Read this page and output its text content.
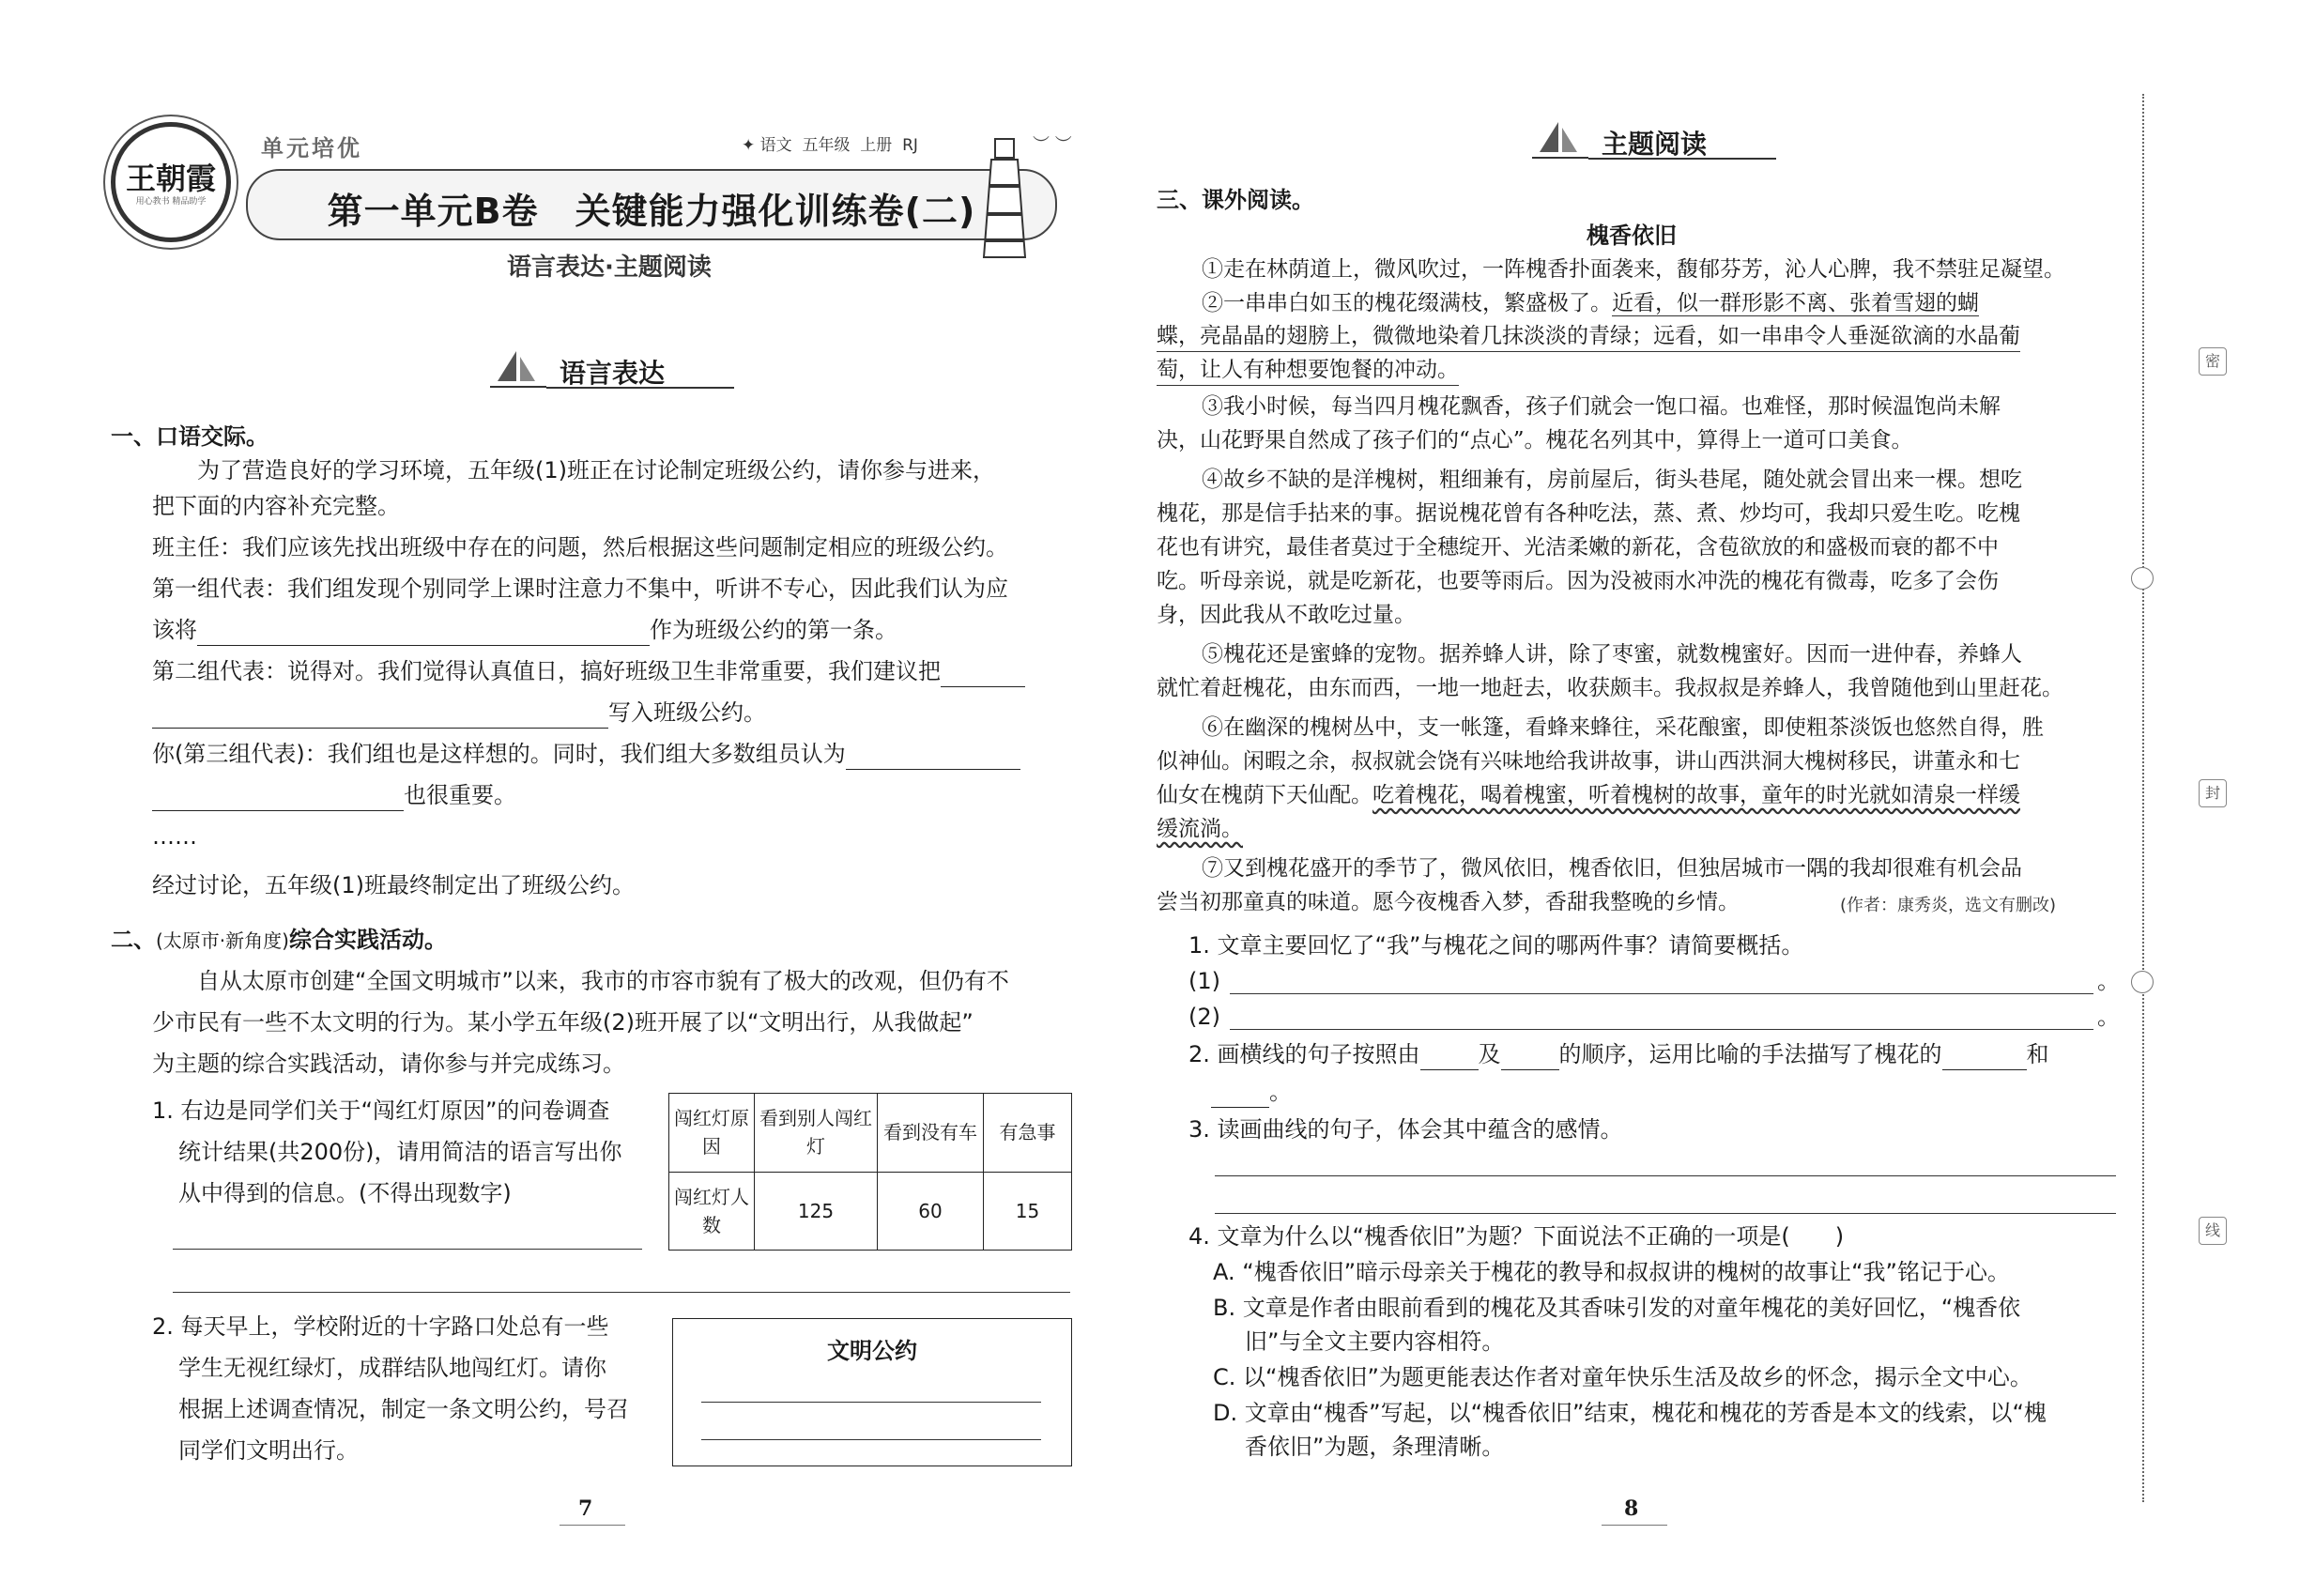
王朝霞
用心教书 精品助学
单元培优	✦ 语文 五年级 上册 RJ
第一单元B卷　关键能力强化训练卷(二)
语言表达·主题阅读
︶ ︶
语言表达
一、口语交际。
为了营造良好的学习环境，五年级(1)班正在讨论制定班级公约，请你参与进来，
把下面的内容补充完整。
班主任：我们应该先找出班级中存在的问题，然后根据这些问题制定相应的班级公约。
第一组代表：我们组发现个别同学上课时注意力不集中，听讲不专心，因此我们认为应
该将	作为班级公约的第一条。
第二组代表：说得对。我们觉得认真值日，搞好班级卫生非常重要，我们建议把
写入班级公约。
你(第三组代表)：我们组也是这样想的。同时，我们组大多数组员认为
也很重要。
……
经过讨论，五年级(1)班最终制定出了班级公约。
二、(太原市·新角度)综合实践活动。
自从太原市创建“全国文明城市”以来，我市的市容市貌有了极大的改观，但仍有不
少市民有一些不太文明的行为。某小学五年级(2)班开展了以“文明出行，从我做起”
为主题的综合实践活动，请你参与并完成练习。
1. 右边是同学们关于“闯红灯原因”的问卷调查
统计结果(共200份)，请用简洁的语言写出你
从中得到的信息。(不得出现数字)
闯红灯原因	看到别人闯红灯	看到没有车	有急事
闯红灯人数	125	60	15
2. 每天早上，学校附近的十字路口处总有一些
学生无视红绿灯，成群结队地闯红灯。请你
根据上述调查情况，制定一条文明公约，号召
同学们文明出行。
文明公约
7
主题阅读
三、课外阅读。
槐香依旧
①走在林荫道上，微风吹过，一阵槐香扑面袭来，馥郁芬芳，沁人心脾，我不禁驻足凝望。
②一串串白如玉的槐花缀满枝，繁盛极了。近看，似一群形影不离、张着雪翅的蝴
蝶，亮晶晶的翅膀上，微微地染着几抹淡淡的青绿；远看，如一串串令人垂涎欲滴的水晶葡
萄，让人有种想要饱餐的冲动。
③我小时候，每当四月槐花飘香，孩子们就会一饱口福。也难怪，那时候温饱尚未解
决，山花野果自然成了孩子们的“点心”。槐花名列其中，算得上一道可口美食。
④故乡不缺的是洋槐树，粗细兼有，房前屋后，街头巷尾，随处就会冒出来一棵。想吃
槐花，那是信手拈来的事。据说槐花曾有各种吃法，蒸、煮、炒均可，我却只爱生吃。吃槐
花也有讲究，最佳者莫过于全穗绽开、光洁柔嫩的新花，含苞欲放的和盛极而衰的都不中
吃。听母亲说，就是吃新花，也要等雨后。因为没被雨水冲洗的槐花有微毒，吃多了会伤
身，因此我从不敢吃过量。
⑤槐花还是蜜蜂的宠物。据养蜂人讲，除了枣蜜，就数槐蜜好。因而一进仲春，养蜂人
就忙着赶槐花，由东而西，一地一地赶去，收获颇丰。我叔叔是养蜂人，我曾随他到山里赶花。
⑥在幽深的槐树丛中，支一帐篷，看蜂来蜂往，采花酿蜜，即使粗茶淡饭也悠然自得，胜
似神仙。闲暇之余，叔叔就会饶有兴味地给我讲故事，讲山西洪洞大槐树移民，讲董永和七
仙女在槐荫下天仙配。吃着槐花，喝着槐蜜，听着槐树的故事，童年的时光就如清泉一样缓
缓流淌。
⑦又到槐花盛开的季节了，微风依旧，槐香依旧，但独居城市一隅的我却很难有机会品
尝当初那童真的味道。愿今夜槐香入梦，香甜我整晚的乡情。	(作者：康秀炎，选文有删改)
1. 文章主要回忆了“我”与槐花之间的哪两件事？请简要概括。
(1)	。
(2)	。
2. 画横线的句子按照由	及	的顺序，运用比喻的手法描写了槐花的	和
。
3. 读画曲线的句子，体会其中蕴含的感情。
4. 文章为什么以“槐香依旧”为题？下面说法不正确的一项是(　　)
A. “槐香依旧”暗示母亲关于槐花的教导和叔叔讲的槐树的故事让“我”铭记于心。
B. 文章是作者由眼前看到的槐花及其香味引发的对童年槐花的美好回忆，“槐香依
旧”与全文主要内容相符。
C. 以“槐香依旧”为题更能表达作者对童年快乐生活及故乡的怀念，揭示全文中心。
D. 文章由“槐香”写起，以“槐香依旧”结束，槐花和槐花的芳香是本文的线索，以“槐
香依旧”为题，条理清晰。
8
密
封
线
